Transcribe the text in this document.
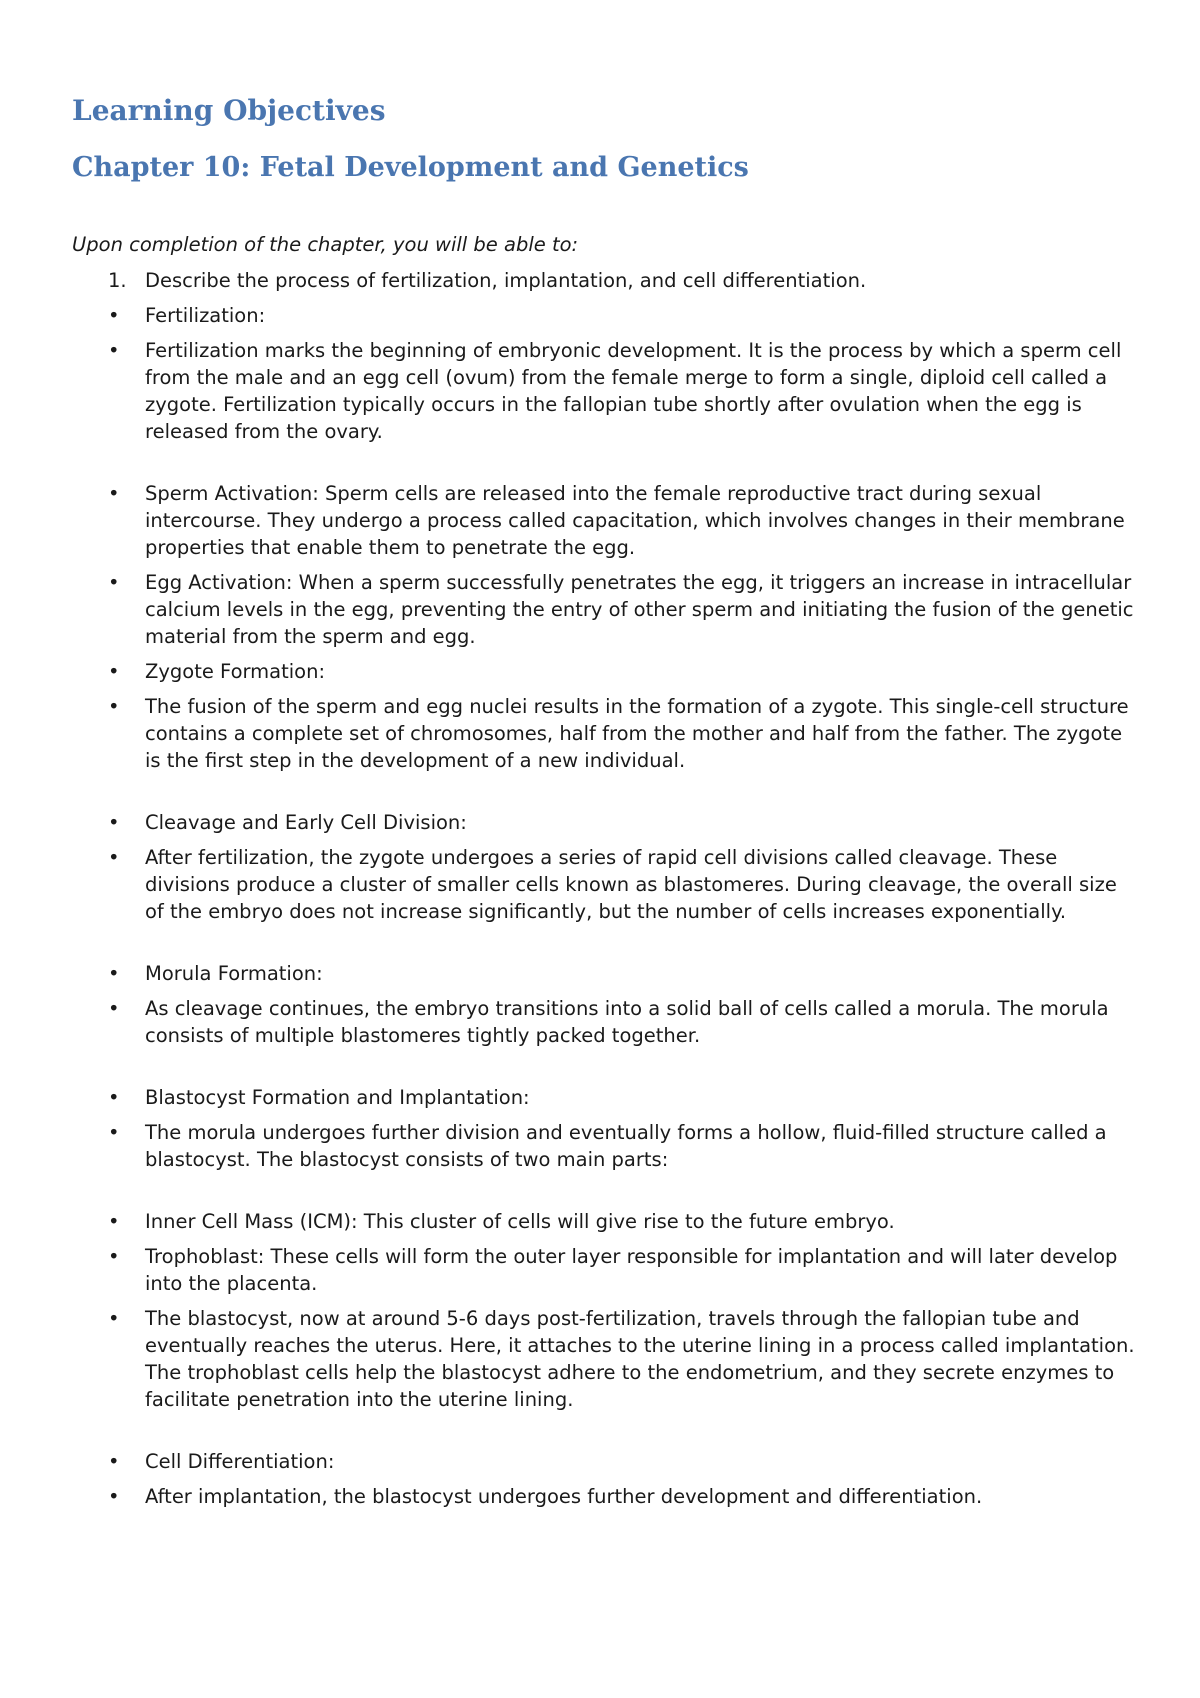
Learning Objectives
Chapter 10: Fetal Development and Genetics

Upon completion of the chapter, you will be able to:

1. Describe the process of fertilization, implantation, and cell differentiation.
• Fertilization:
• Fertilization marks the beginning of embryonic development. It is the process by which a sperm cell from the male and an egg cell (ovum) from the female merge to form a single, diploid cell called a zygote. Fertilization typically occurs in the fallopian tube shortly after ovulation when the egg is released from the ovary.
• Sperm Activation: Sperm cells are released into the female reproductive tract during sexual intercourse. They undergo a process called capacitation, which involves changes in their membrane properties that enable them to penetrate the egg.
• Egg Activation: When a sperm successfully penetrates the egg, it triggers an increase in intracellular calcium levels in the egg, preventing the entry of other sperm and initiating the fusion of the genetic material from the sperm and egg.
• Zygote Formation:
• The fusion of the sperm and egg nuclei results in the formation of a zygote. This single-cell structure contains a complete set of chromosomes, half from the mother and half from the father. The zygote is the first step in the development of a new individual.
• Cleavage and Early Cell Division:
• After fertilization, the zygote undergoes a series of rapid cell divisions called cleavage. These divisions produce a cluster of smaller cells known as blastomeres. During cleavage, the overall size of the embryo does not increase significantly, but the number of cells increases exponentially.
• Morula Formation:
• As cleavage continues, the embryo transitions into a solid ball of cells called a morula. The morula consists of multiple blastomeres tightly packed together.
• Blastocyst Formation and Implantation:
• The morula undergoes further division and eventually forms a hollow, fluid-filled structure called a blastocyst. The blastocyst consists of two main parts:
• Inner Cell Mass (ICM): This cluster of cells will give rise to the future embryo.
• Trophoblast: These cells will form the outer layer responsible for implantation and will later develop into the placenta.
• The blastocyst, now at around 5-6 days post-fertilization, travels through the fallopian tube and eventually reaches the uterus. Here, it attaches to the uterine lining in a process called implantation. The trophoblast cells help the blastocyst adhere to the endometrium, and they secrete enzymes to facilitate penetration into the uterine lining.
• Cell Differentiation:
• After implantation, the blastocyst undergoes further development and differentiation.
